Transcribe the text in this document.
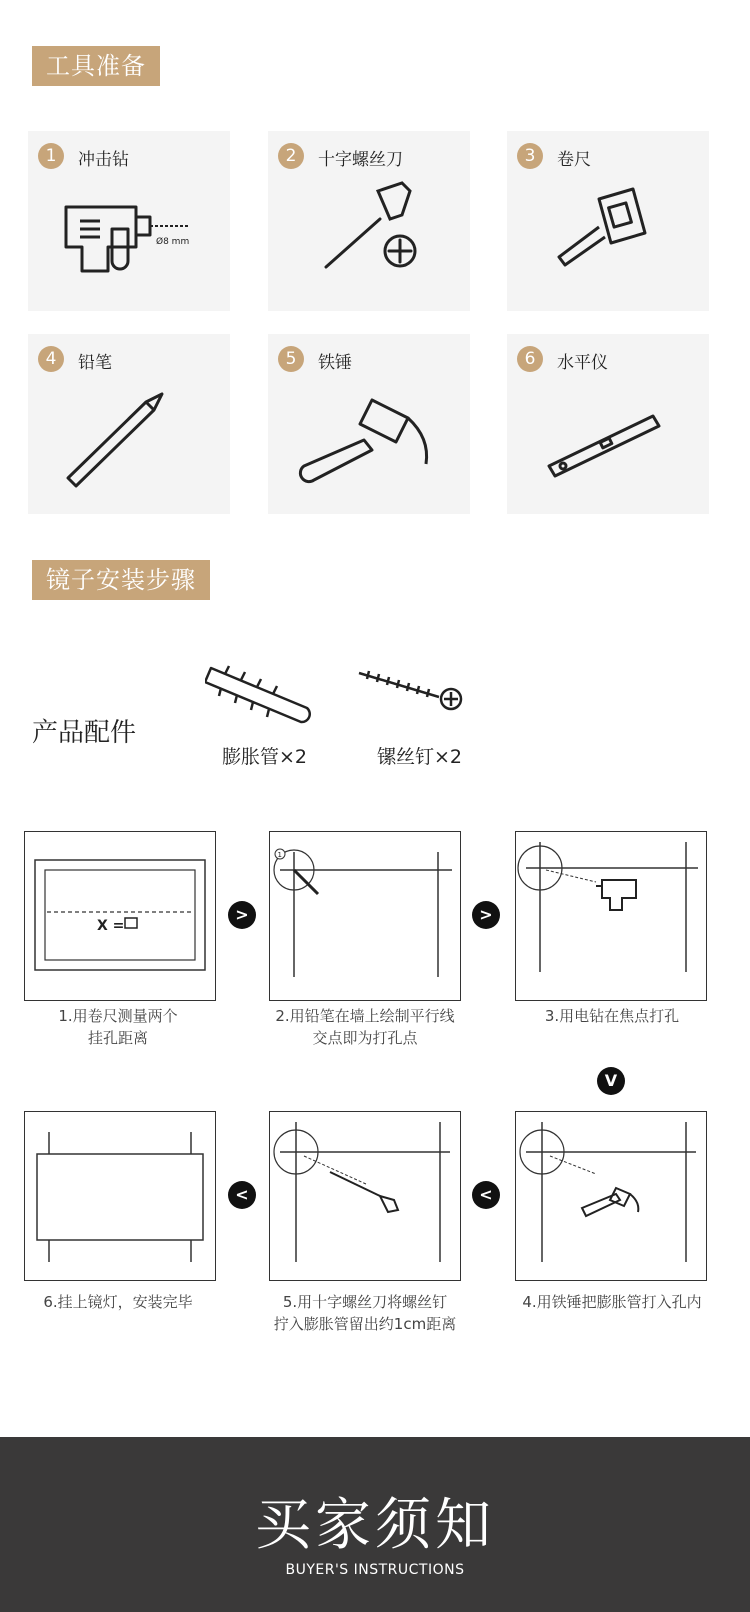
工具准备
1	冲击钻
Ø8 mm
2	十字螺丝刀	3	卷尺
4	铅笔	5	铁锤	6	水平仪
镜子安装步骤
产品配件
膨胀管×2	镙丝钉×2
X =
>
1
>
1.用卷尺测量两个
挂孔距离
2.用铅笔在墙上绘制平行线
交点即为打孔点
3.用电钻在焦点打孔
V
<	<
6.挂上镜灯，安装完毕	5.用十字螺丝刀将螺丝钉
拧入膨胀管留出约1cm距离
4.用铁锤把膨胀管打入孔内
买家须知
BUYER'S INSTRUCTIONS
